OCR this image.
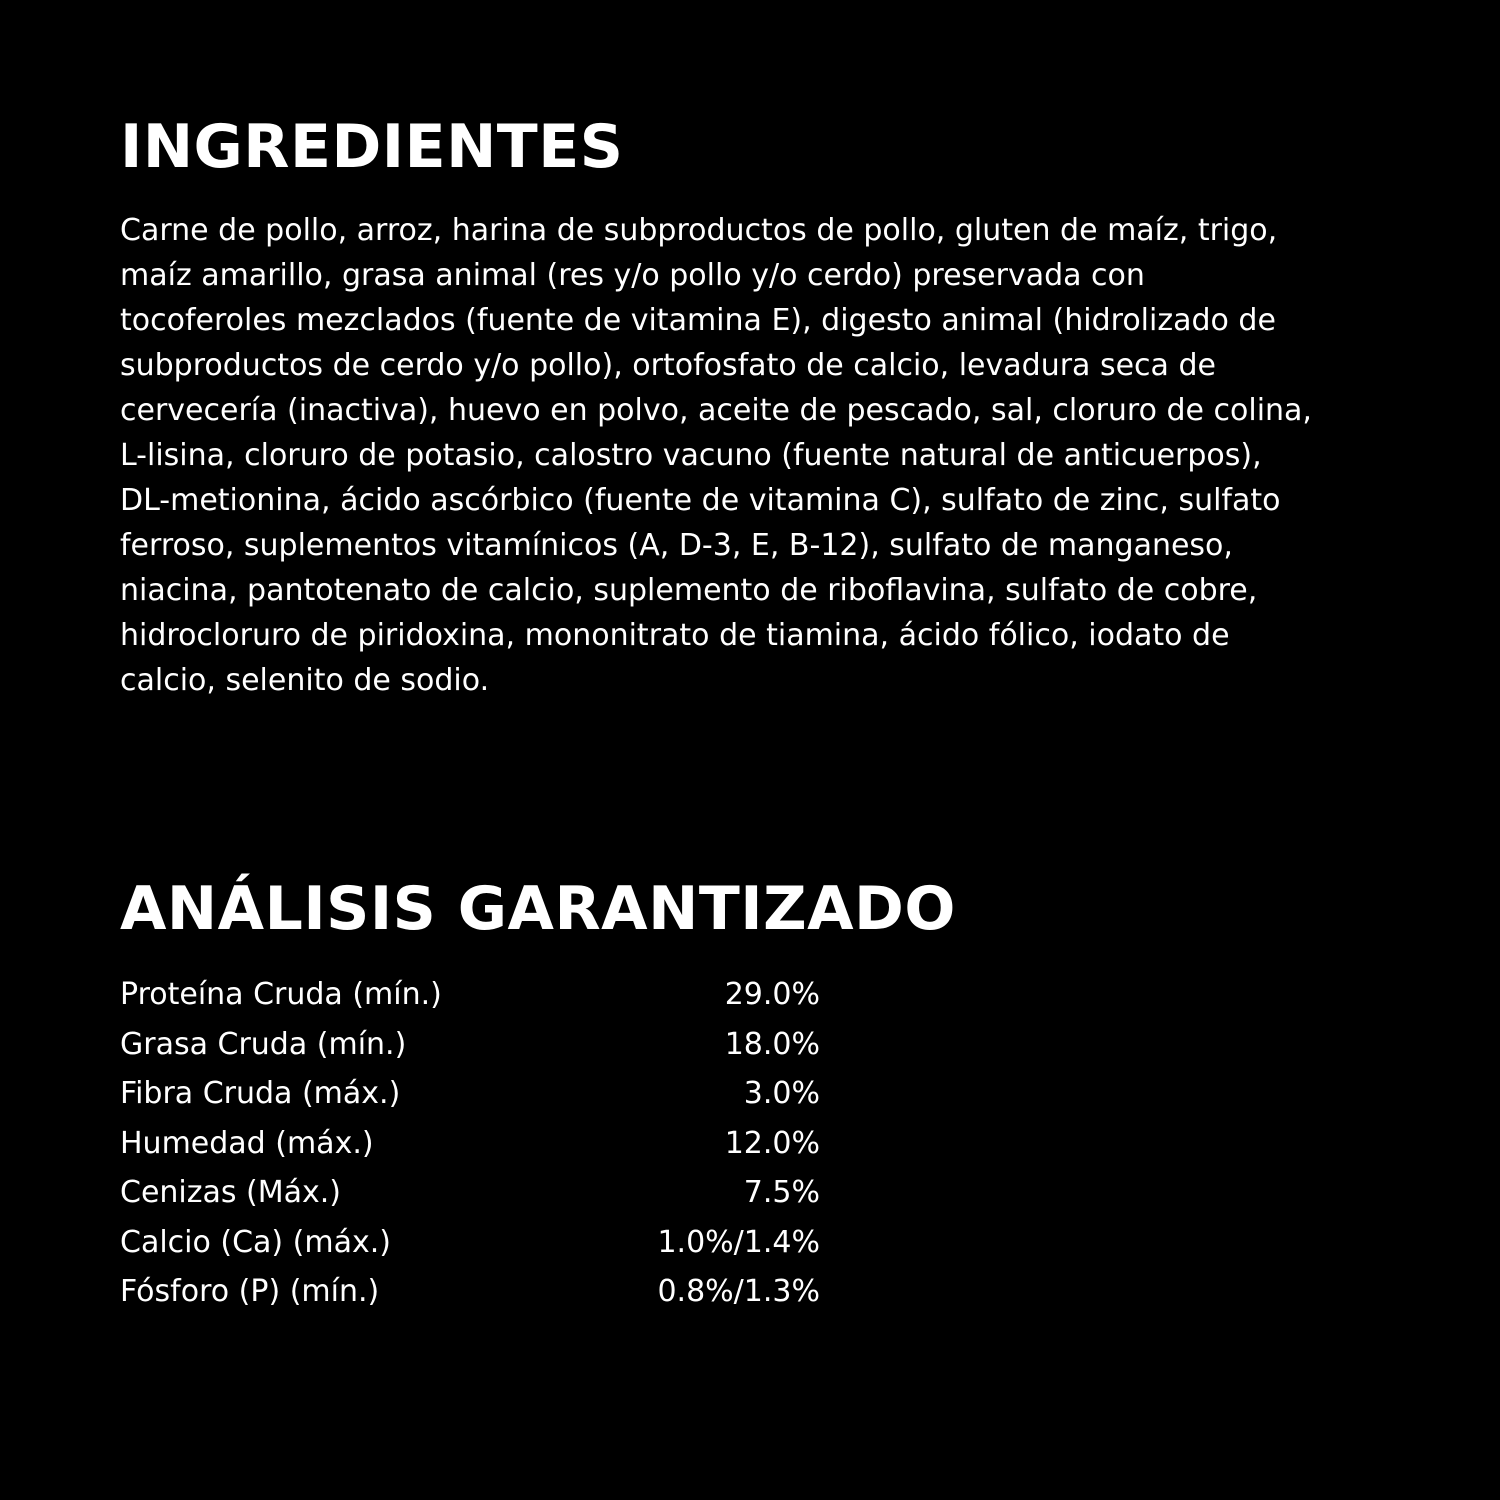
INGREDIENTES

Carne de pollo, arroz, harina de subproductos de pollo, gluten de maíz, trigo,
maíz amarillo, grasa animal (res y/o pollo y/o cerdo) preservada con
tocoferoles mezclados (fuente de vitamina E), digesto animal (hidrolizado de
subproductos de cerdo y/o pollo), ortofosfato de calcio, levadura seca de
cervecería (inactiva), huevo en polvo, aceite de pescado, sal, cloruro de colina,
L-lisina, cloruro de potasio, calostro vacuno (fuente natural de anticuerpos),
DL-metionina, ácido ascórbico (fuente de vitamina C), sulfato de zinc, sulfato
ferroso, suplementos vitamínicos (A, D-3, E, B-12), sulfato de manganeso,
niacina, pantotenato de calcio, suplemento de riboflavina, sulfato de cobre,
hidrocloruro de piridoxina, mononitrato de tiamina, ácido fólico, iodato de
calcio, selenito de sodio.

ANÁLISIS GARANTIZADO
Proteína Cruda (mín.)	29.0%
Grasa Cruda (mín.)	18.0%
Fibra Cruda (máx.)	3.0%
Humedad (máx.)	12.0%
Cenizas (Máx.)	7.5%
Calcio (Ca) (máx.)	1.0%/1.4%
Fósforo (P) (mín.)	0.8%/1.3%
